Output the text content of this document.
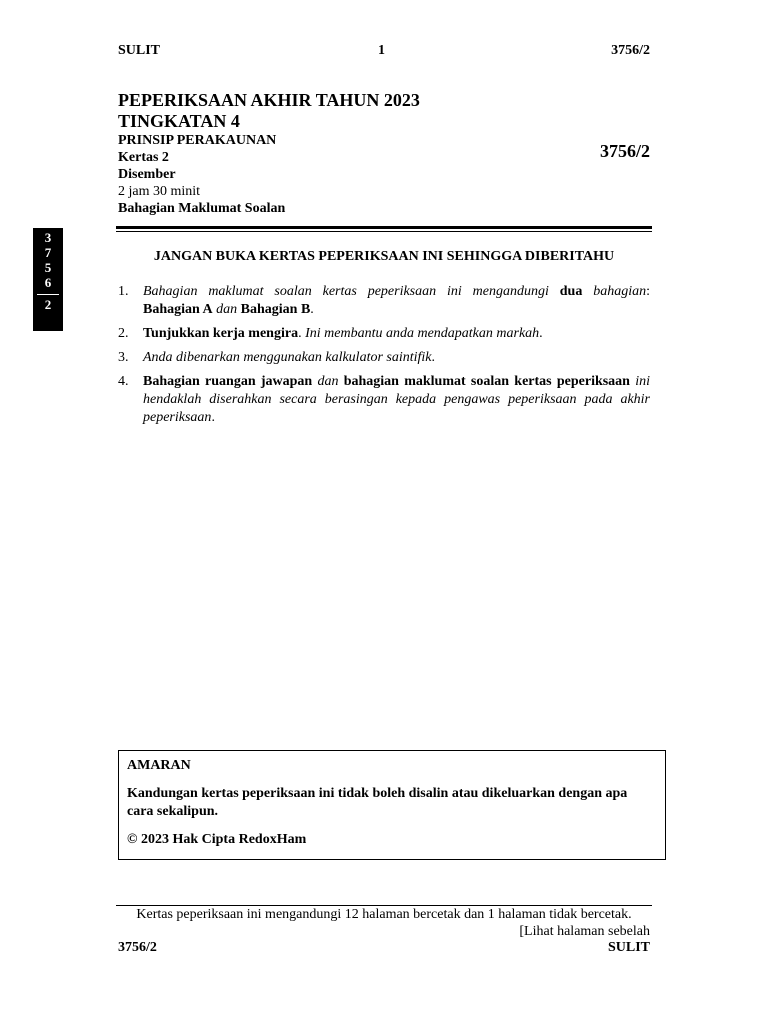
SULIT	1	3756/2
PEPERIKSAAN AKHIR TAHUN 2023
TINGKATAN 4
PRINSIP PERAKAUNAN
Kertas 2
Disember
2 jam 30 minit
Bahagian Maklumat Soalan
3756/2
3
7
5
6
2
JANGAN BUKA KERTAS PEPERIKSAAN INI SEHINGGA DIBERITAHU
1. Bahagian maklumat soalan kertas peperiksaan ini mengandungi dua bahagian: Bahagian A dan Bahagian B.
2. Tunjukkan kerja mengira. Ini membantu anda mendapatkan markah.
3. Anda dibenarkan menggunakan kalkulator saintifik.
4. Bahagian ruangan jawapan dan bahagian maklumat soalan kertas peperiksaan ini hendaklah diserahkan secara berasingan kepada pengawas peperiksaan pada akhir peperiksaan.

AMARAN

Kandungan kertas peperiksaan ini tidak boleh disalin atau dikeluarkan dengan apa cara sekalipun.

© 2023 Hak Cipta RedoxHam

Kertas peperiksaan ini mengandungi 12 halaman bercetak dan 1 halaman tidak bercetak.
[Lihat halaman sebelah
3756/2	SULIT
